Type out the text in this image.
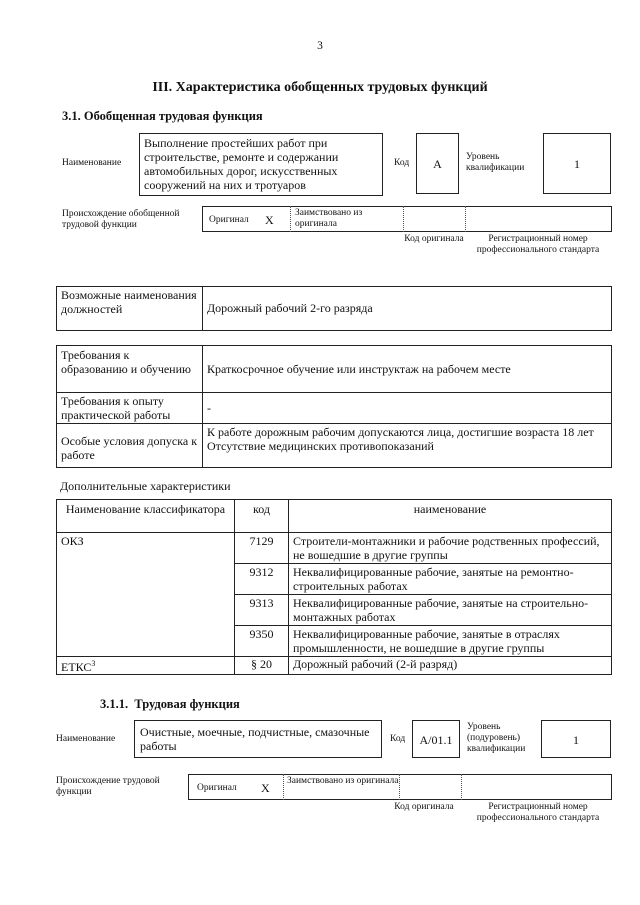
3
III. Характеристика обобщенных трудовых функций
3.1. Обобщенная трудовая функция
Наименование
Выполнение простейших работ при строительстве, ремонте и содержании автомобильных дорог, искусственных сооружений на них и тротуаров
Код	А	Уровень квалификации	1
Происхождение обобщенной трудовой функции	Оригинал X Заимствовано из оригинала
Код оригинала	Регистрационный номер профессионального стандарта
Возможные наименования должностей	Дорожный рабочий 2-го разряда
Требования к образованию и обучению	Краткосрочное обучение или инструктаж на рабочем месте
Требования к опыту практической работы	-
Особые условия допуска к работе	К работе дорожным рабочим допускаются лица, достигшие возраста 18 лет
Отсутствие медицинских противопоказаний
Дополнительные характеристики
Наименование классификатора	код	наименование
ОКЗ	7129	Строители-монтажники и рабочие родственных профессий, не вошедшие в другие группы
	9312	Неквалифицированные рабочие, занятые на ремонтно-строительных работах
	9313	Неквалифицированные рабочие, занятые на строительно-монтажных работах
	9350	Неквалифицированные рабочие, занятые в отраслях промышленности, не вошедшие в другие группы
ЕТКС$^3$	§ 20	Дорожный рабочий (2-й разряд)
3.1.1. Трудовая функция
Наименование	Очистные, моечные, подчистные, смазочные работы	Код	А/01.1
Уровень (подуровень) квалификации
1
Происхождение трудовой функции	Оригинал X Заимствовано из оригинала
Код оригинала	Регистрационный номер профессионального стандарта
